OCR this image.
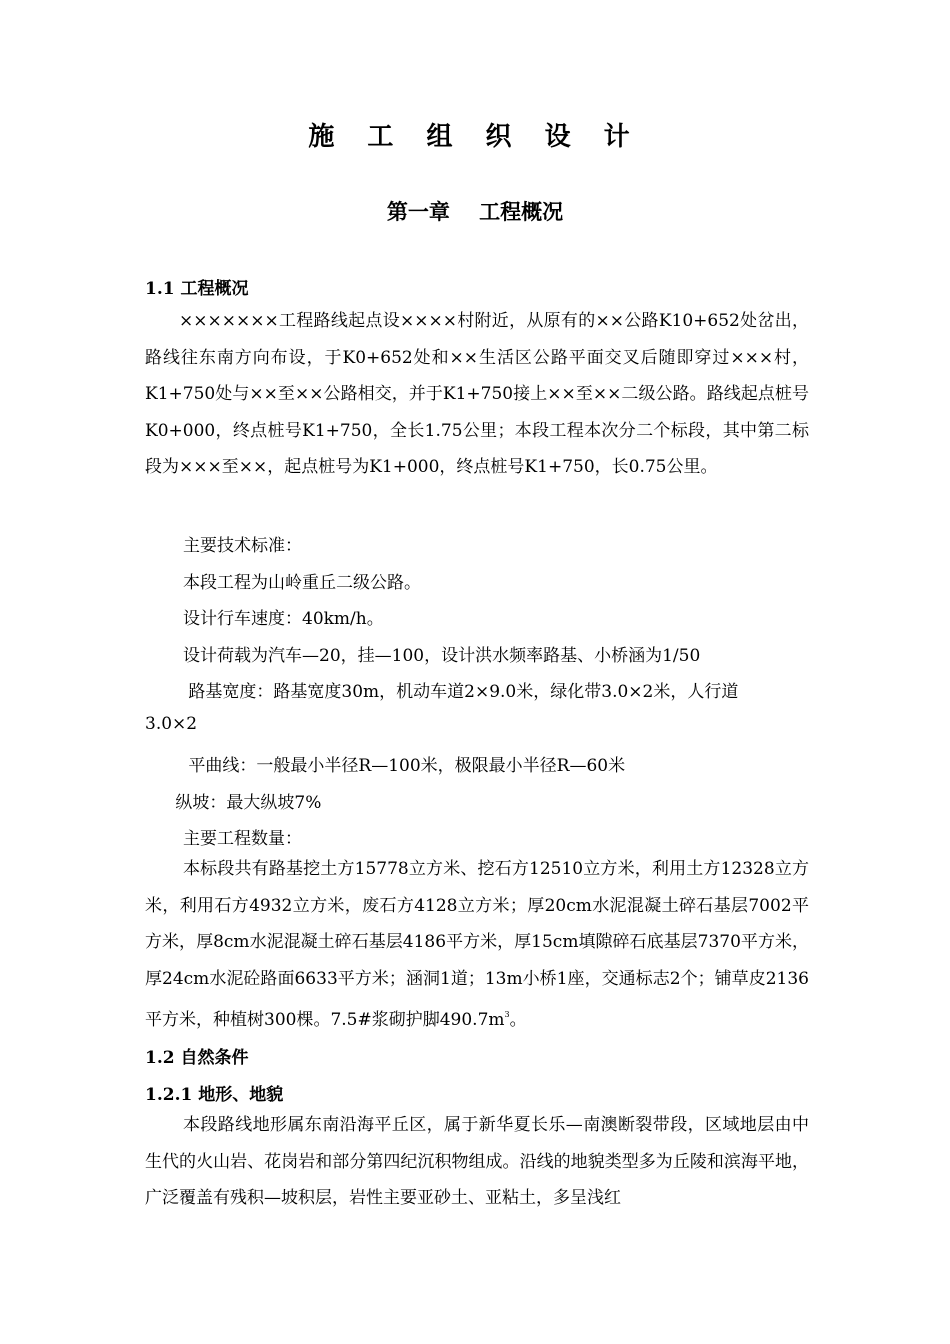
施 工 组 织 设 计
第一章    工程概况
1.1 工程概况
×××××××工程路线起点设××××村附近，从原有的××公路K10+652处岔出，路线往东南方向布设，于K0+652处和××生活区公路平面交叉后随即穿过×××村，K1+750处与××至××公路相交，并于K1+750接上××至××二级公路。路线起点桩号K0+000，终点桩号K1+750，全长1.75公里；本段工程本次分二个标段，其中第二标段为×××至××，起点桩号为K1+000，终点桩号K1+750，长0.75公里。
主要技术标准：
本段工程为山岭重丘二级公路。
设计行车速度：40km/h。
设计荷载为汽车—20，挂—100，设计洪水频率路基、小桥涵为1/50
路基宽度：路基宽度30m，机动车道2×9.0米，绿化带3.0×2米，人行道
3.0×2
平曲线：一般最小半径R—100米，极限最小半径R—60米
纵坡：最大纵坡7%
主要工程数量：
本标段共有路基挖土方15778立方米、挖石方12510立方米，利用土方12328立方米，利用石方4932立方米，废石方4128立方米；厚20cm水泥混凝土碎石基层7002平方米，厚8cm水泥混凝土碎石基层4186平方米，厚15cm填隙碎石底基层7370平方米，厚24cm水泥砼路面6633平方米；涵洞1道；13m小桥1座，交通标志2个；铺草皮2136平方米，种植树300棵。7.5#浆砌护脚$490.7m^3$。
1.2 自然条件
1.2.1 地形、地貌
本段路线地形属东南沿海平丘区，属于新华夏长乐—南澳断裂带段，区域地层由中生代的火山岩、花岗岩和部分第四纪沉积物组成。沿线的地貌类型多为丘陵和滨海平地，广泛覆盖有残积—坡积层，岩性主要亚砂土、亚粘土，多呈浅红
